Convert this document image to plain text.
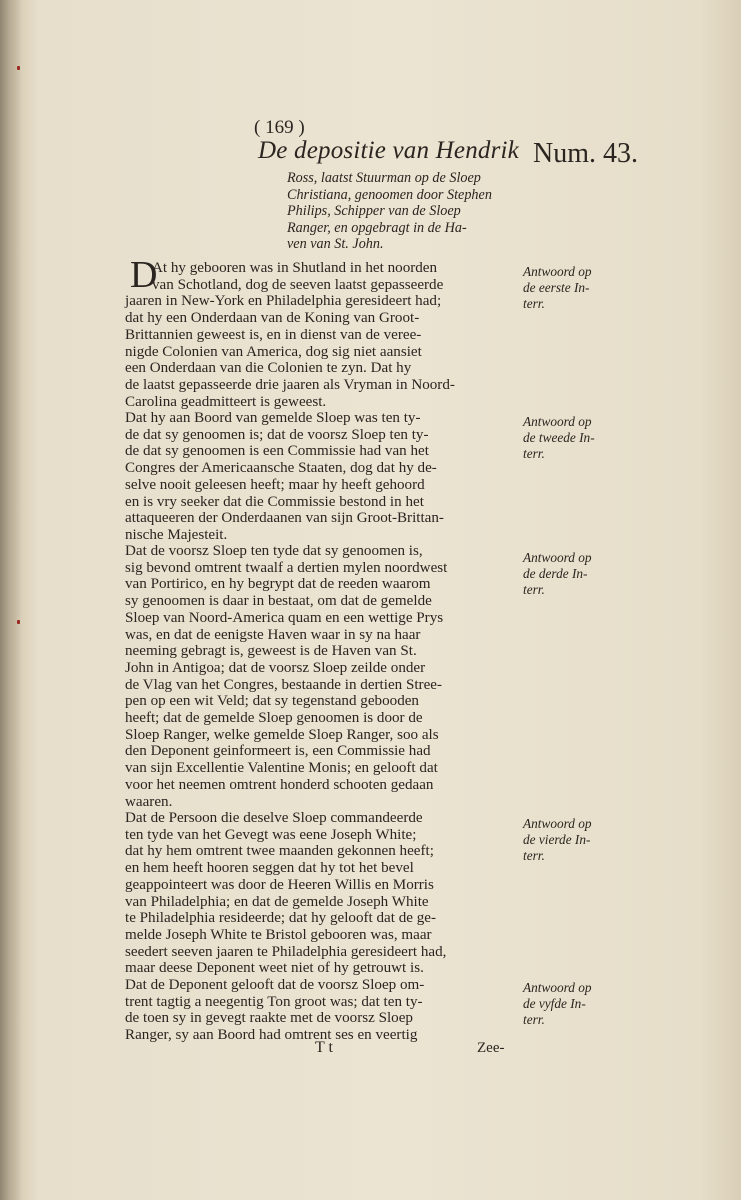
( 169 )
De depositie van Hendrik Num. 43.
Ross, laatst Stuurman op de Sloep
Christiana, genoomen door Stephen
Philips, Schipper van de Sloep
Ranger, en opgebragt in de Ha-
ven van St. John.
D
At hy gebooren was in Shutland in het noorden
van Schotland, dog de seeven laatst gepasseerde
jaaren in New-York en Philadelphia geresideert had;
dat hy een Onderdaan van de Koning van Groot-
Brittannien geweest is, en in dienst van de veree-
nigde Colonien van America, dog sig niet aansiet
een Onderdaan van die Colonien te zyn. Dat hy
de laatst gepasseerde drie jaaren als Vryman in Noord-
Carolina geadmitteert is geweest.
Dat hy aan Boord van gemelde Sloep was ten ty-
de dat sy genoomen is; dat de voorsz Sloep ten ty-
de dat sy genoomen is een Commissie had van het
Congres der Americaansche Staaten, dog dat hy de-
selve nooit geleesen heeft; maar hy heeft gehoord
en is vry seeker dat die Commissie bestond in het
attaqueeren der Onderdaanen van sijn Groot-Brittan-
nische Majesteit.
Dat de voorsz Sloep ten tyde dat sy genoomen is,
sig bevond omtrent twaalf a dertien mylen noordwest
van Portirico, en hy begrypt dat de reeden waarom
sy genoomen is daar in bestaat, om dat de gemelde
Sloep van Noord-America quam en een wettige Prys
was, en dat de eenigste Haven waar in sy na haar
neeming gebragt is, geweest is de Haven van St.
John in Antigoa; dat de voorsz Sloep zeilde onder
de Vlag van het Congres, bestaande in dertien Stree-
pen op een wit Veld; dat sy tegenstand gebooden
heeft; dat de gemelde Sloep genoomen is door de
Sloep Ranger, welke gemelde Sloep Ranger, soo als
den Deponent geinformeert is, een Commissie had
van sijn Excellentie Valentine Monis; en gelooft dat
voor het neemen omtrent honderd schooten gedaan
waaren.
Dat de Persoon die deselve Sloep commandeerde
ten tyde van het Gevegt was eene Joseph White;
dat hy hem omtrent twee maanden gekonnen heeft;
en hem heeft hooren seggen dat hy tot het bevel
geappointeert was door de Heeren Willis en Morris
van Philadelphia; en dat de gemelde Joseph White
te Philadelphia resideerde; dat hy gelooft dat de ge-
melde Joseph White te Bristol gebooren was, maar
seedert seeven jaaren te Philadelphia geresideert had,
maar deese Deponent weet niet of hy getrouwt is.
Dat de Deponent gelooft dat de voorsz Sloep om-
trent tagtig a neegentig Ton groot was; dat ten ty-
de toen sy in gevegt raakte met de voorsz Sloep
Ranger, sy aan Boord had omtrent ses en veertig
Antwoord op
de eerste In-
terr.
Antwoord op
de tweede In-
terr.
Antwoord op
de derde In-
terr.
Antwoord op
de vierde In-
terr.
Antwoord op
de vyfde In-
terr.
T t	Zee-
